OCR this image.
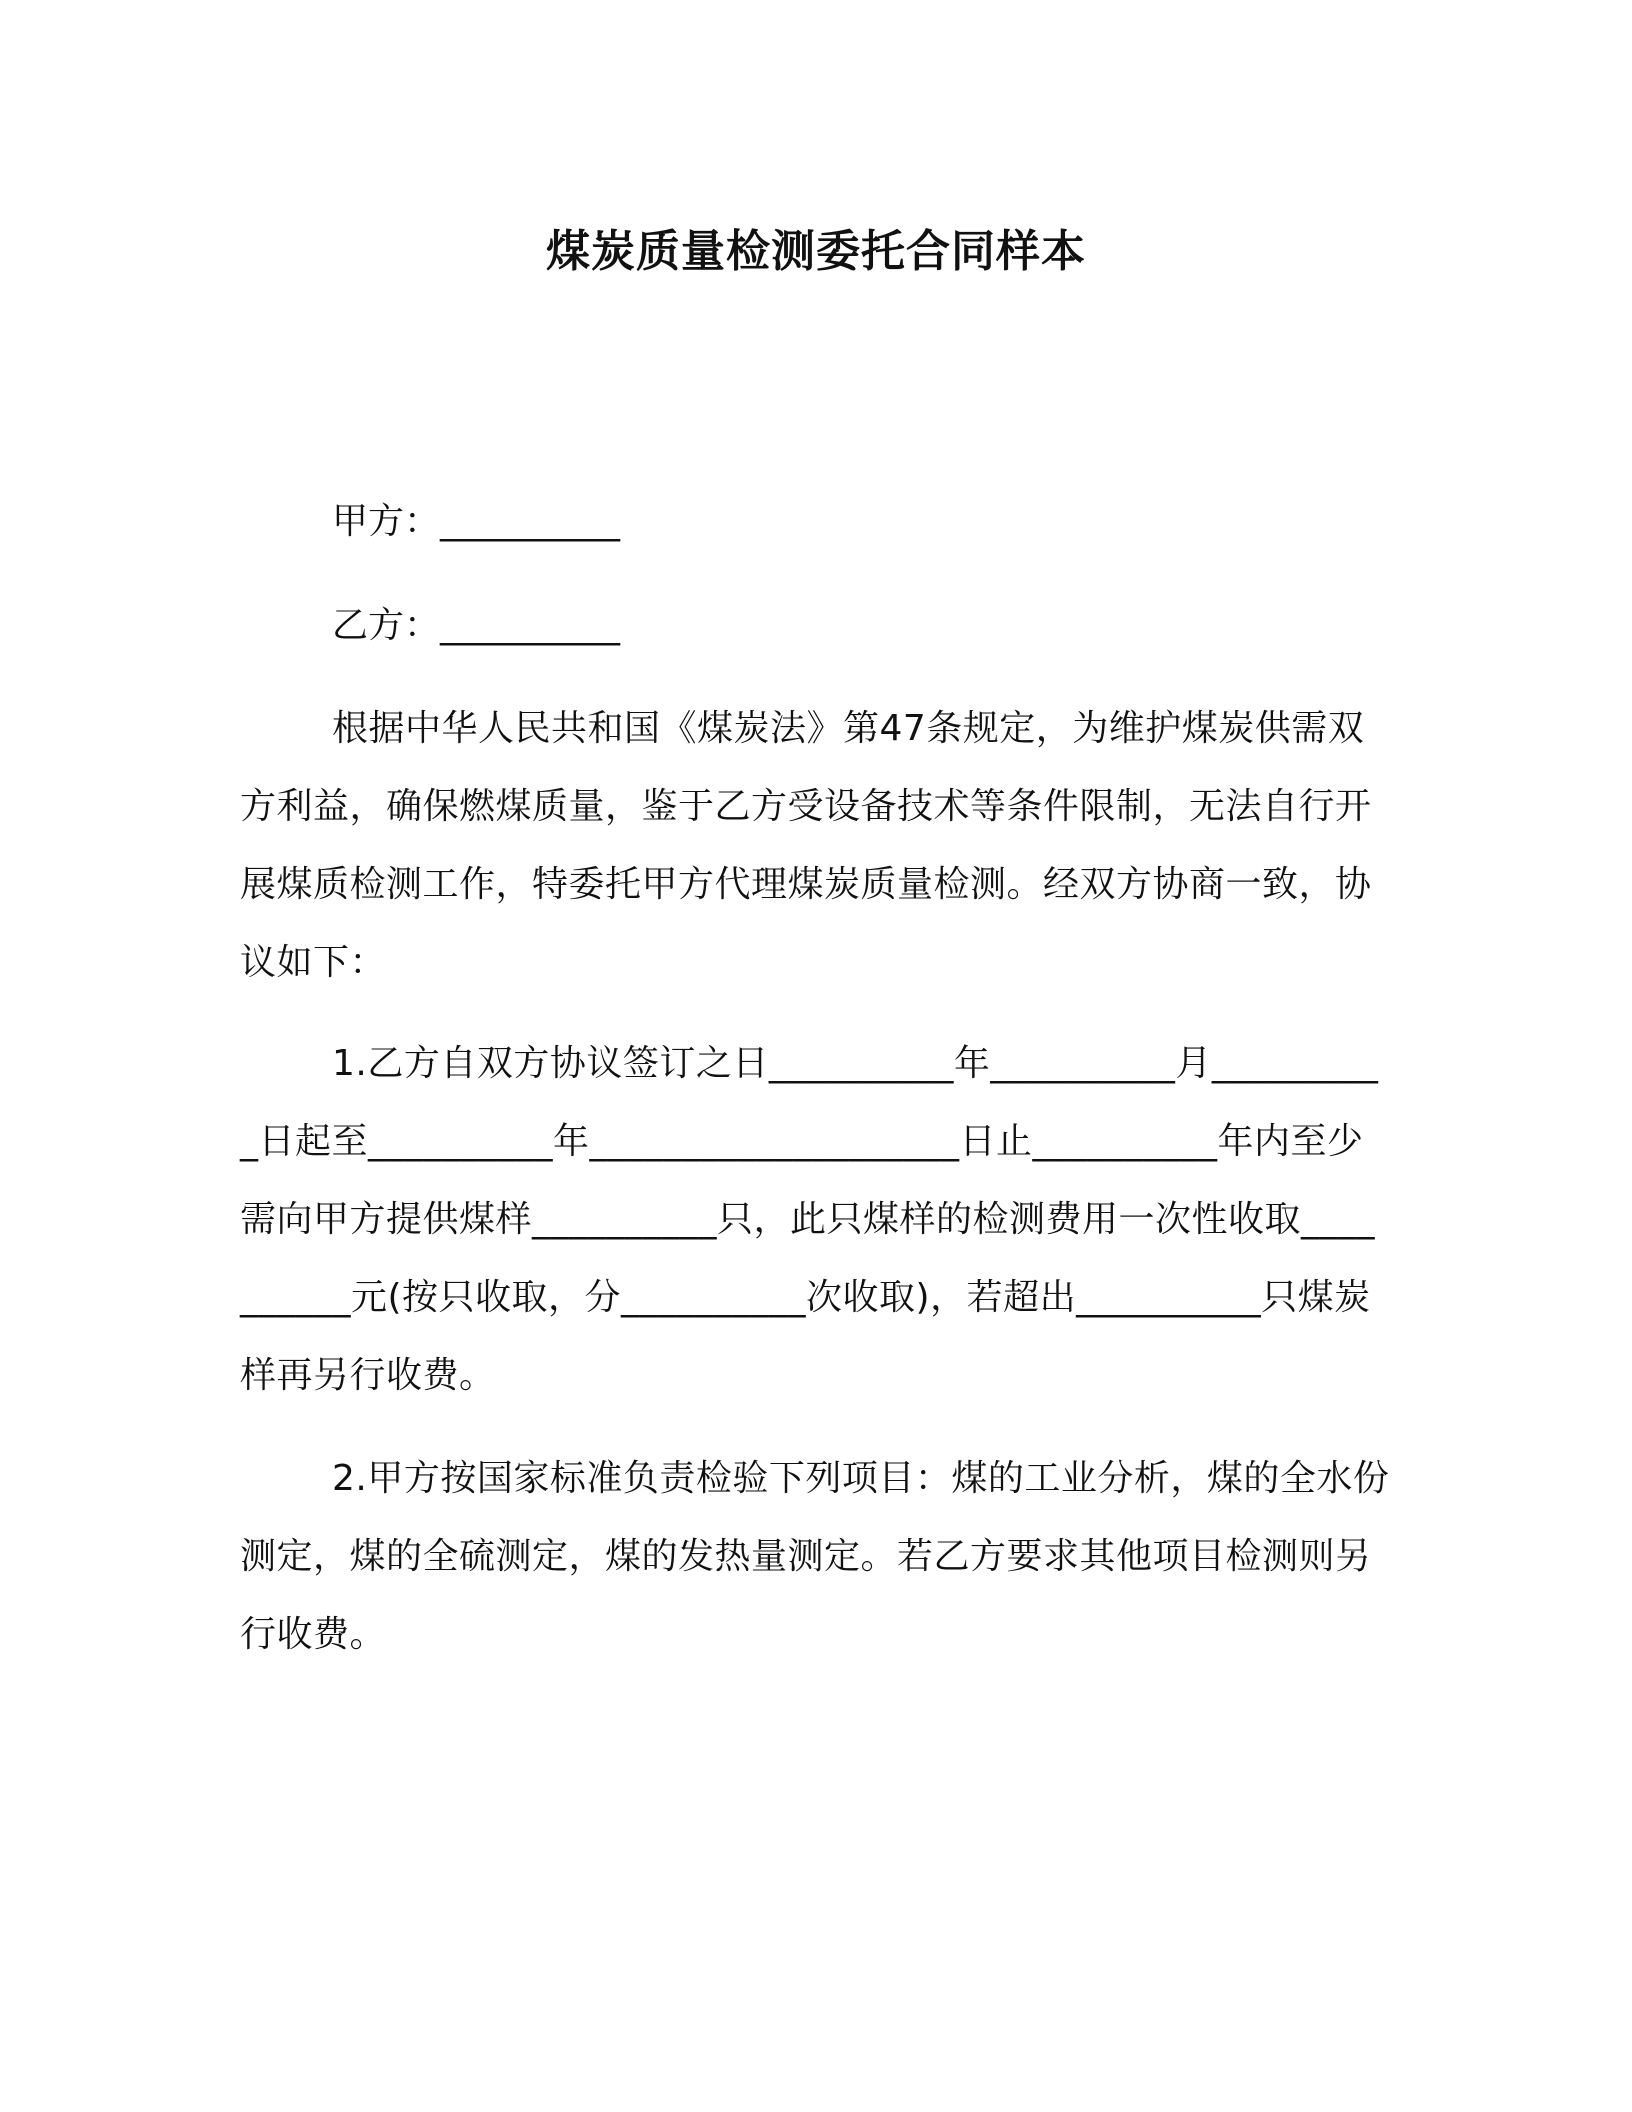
煤炭质量检测委托合同样本

甲方：__________

乙方：__________

根据中华人民共和国《煤炭法》第47条规定，为维护煤炭供需双方利益，确保燃煤质量，鉴于乙方受设备技术等条件限制，无法自行开展煤质检测工作，特委托甲方代理煤炭质量检测。经双方协商一致，协议如下：

1.乙方自双方协议签订之日__________年__________月__________日起至__________年____________________日止__________年内至少需向甲方提供煤样__________只，此只煤样的检测费用一次性收取__________元(按只收取，分__________次收取)，若超出__________只煤炭样再另行收费。

2.甲方按国家标准负责检验下列项目：煤的工业分析，煤的全水份测定，煤的全硫测定，煤的发热量测定。若乙方要求其他项目检测则另行收费。
